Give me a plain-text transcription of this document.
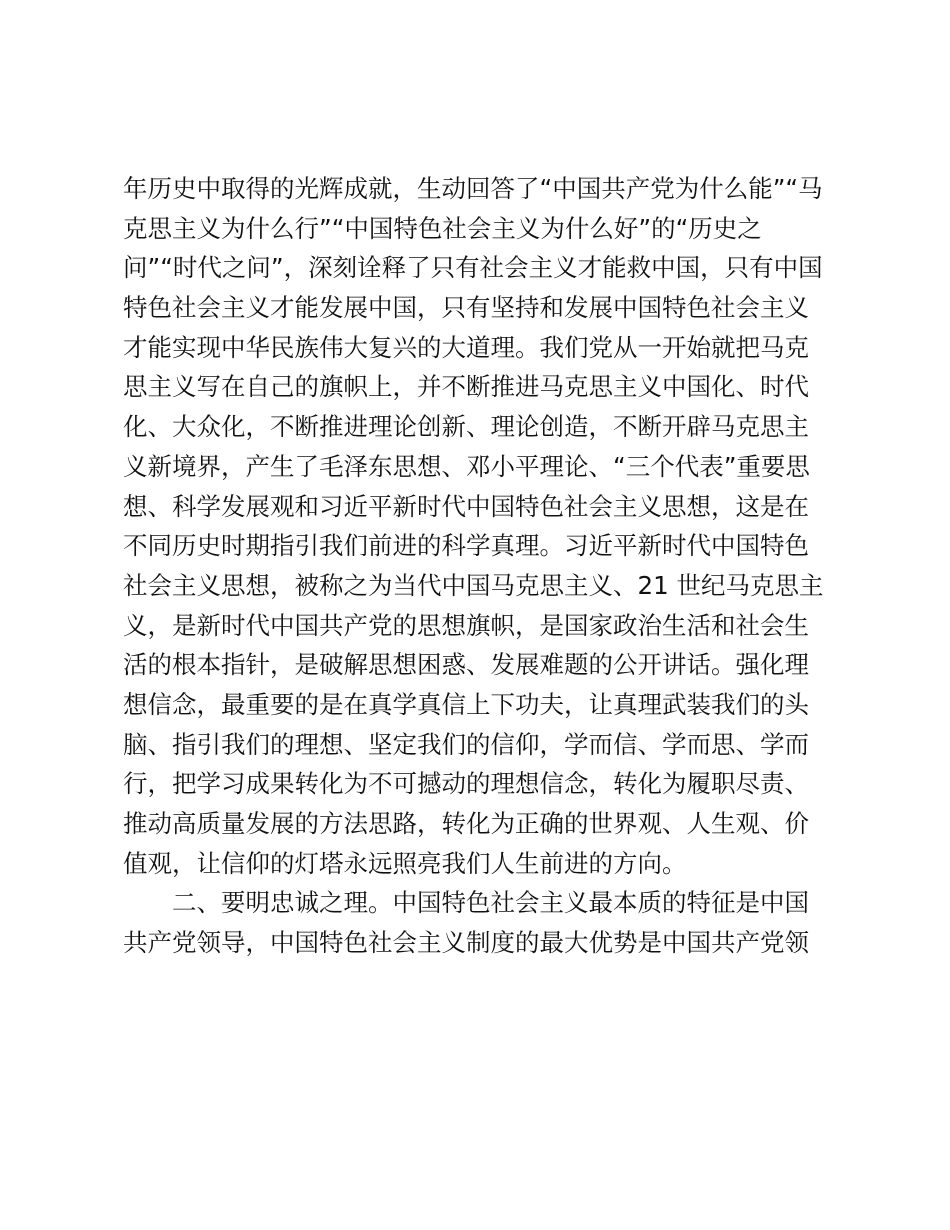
年历史中取得的光辉成就，生动回答了“中国共产党为什么能”“马
克思主义为什么行”“中国特色社会主义为什么好”的“历史之
问”“时代之问”，深刻诠释了只有社会主义才能救中国，只有中国
特色社会主义才能发展中国，只有坚持和发展中国特色社会主义
才能实现中华民族伟大复兴的大道理。我们党从一开始就把马克
思主义写在自己的旗帜上，并不断推进马克思主义中国化、时代
化、大众化，不断推进理论创新、理论创造，不断开辟马克思主
义新境界，产生了毛泽东思想、邓小平理论、“三个代表”重要思
想、科学发展观和习近平新时代中国特色社会主义思想，这是在
不同历史时期指引我们前进的科学真理。习近平新时代中国特色
社会主义思想，被称之为当代中国马克思主义、21 世纪马克思主
义，是新时代中国共产党的思想旗帜，是国家政治生活和社会生
活的根本指针，是破解思想困惑、发展难题的公开讲话。强化理
想信念，最重要的是在真学真信上下功夫，让真理武装我们的头
脑、指引我们的理想、坚定我们的信仰，学而信、学而思、学而
行，把学习成果转化为不可撼动的理想信念，转化为履职尽责、
推动高质量发展的方法思路，转化为正确的世界观、人生观、价
值观，让信仰的灯塔永远照亮我们人生前进的方向。
二、要明忠诚之理。中国特色社会主义最本质的特征是中国
共产党领导，中国特色社会主义制度的最大优势是中国共产党领
